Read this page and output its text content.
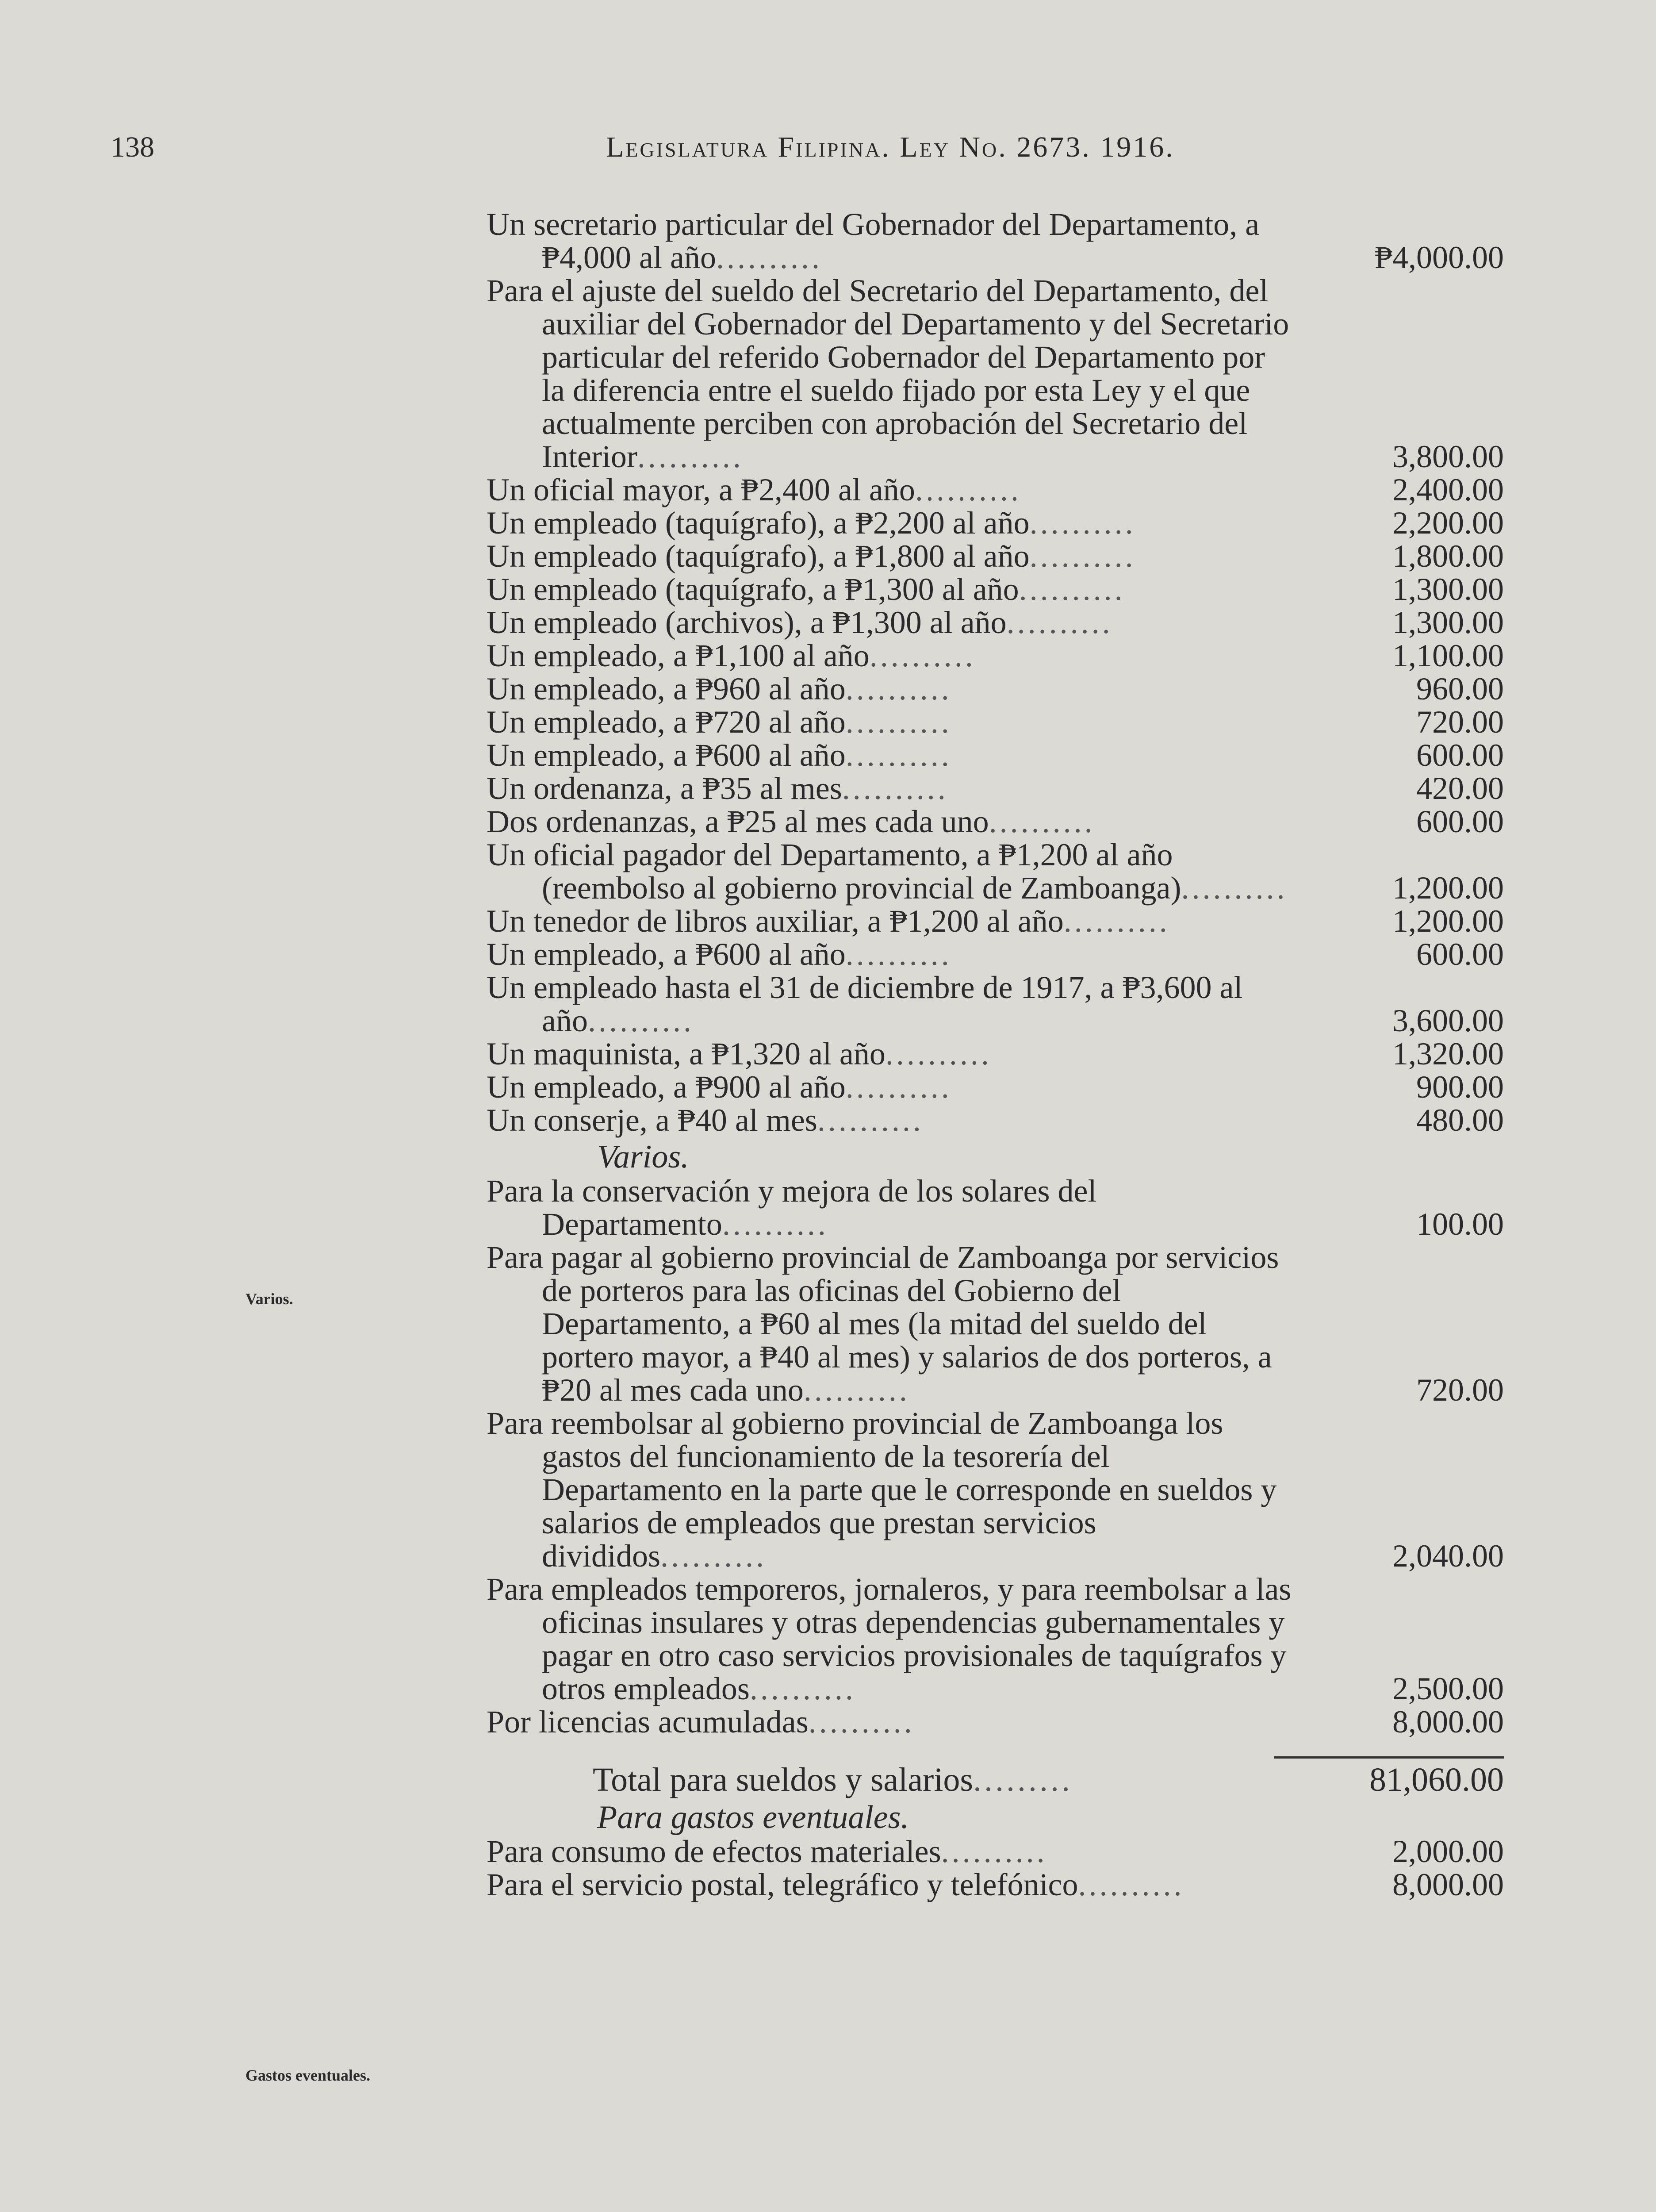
138	Legislatura Filipina. Ley No. 2673. 1916.
Varios.
Gastos eventuales.
Un secretario particular del Gobernador del Departamento, a ₱4,000 al año..........	₱4,000.00
Para el ajuste del sueldo del Secretario del Departamento, del auxiliar del Gobernador del Departamento y del Secretario particular del referido Gobernador del Departamento por la diferencia entre el sueldo fijado por esta Ley y el que actualmente perciben con aprobación del Secretario del Interior..........	3,800.00
Un oficial mayor, a ₱2,400 al año..........	2,400.00
Un empleado (taquígrafo), a ₱2,200 al año..........	2,200.00
Un empleado (taquígrafo), a ₱1,800 al año..........	1,800.00
Un empleado (taquígrafo, a ₱1,300 al año..........	1,300.00
Un empleado (archivos), a ₱1,300 al año..........	1,300.00
Un empleado, a ₱1,100 al año..........	1,100.00
Un empleado, a ₱960 al año..........	960.00
Un empleado, a ₱720 al año..........	720.00
Un empleado, a ₱600 al año..........	600.00
Un ordenanza, a ₱35 al mes..........	420.00
Dos ordenanzas, a ₱25 al mes cada uno..........	600.00
Un oficial pagador del Departamento, a ₱1,200 al año (reembolso al gobierno provincial de Zamboanga)..........	1,200.00
Un tenedor de libros auxiliar, a ₱1,200 al año..........	1,200.00
Un empleado, a ₱600 al año..........	600.00
Un empleado hasta el 31 de diciembre de 1917, a ₱3,600 al año..........	3,600.00
Un maquinista, a ₱1,320 al año..........	1,320.00
Un empleado, a ₱900 al año..........	900.00
Un conserje, a ₱40 al mes..........	480.00
Varios.
Para la conservación y mejora de los solares del Departamento..........	100.00
Para pagar al gobierno provincial de Zamboanga por servicios de porteros para las oficinas del Gobierno del Departamento, a ₱60 al mes (la mitad del sueldo del portero mayor, a ₱40 al mes) y salarios de dos porteros, a ₱20 al mes cada uno..........	720.00
Para reembolsar al gobierno provincial de Zamboanga los gastos del funcionamiento de la tesorería del Departamento en la parte que le corresponde en sueldos y salarios de empleados que prestan servicios divididos..........	2,040.00
Para empleados temporeros, jornaleros, y para reembolsar a las oficinas insulares y otras dependencias gubernamentales y pagar en otro caso servicios provisionales de taquígrafos y otros empleados..........	2,500.00
Por licencias acumuladas..........	8,000.00
Total para sueldos y salarios.........	81,060.00
Para gastos eventuales.
Para consumo de efectos materiales..........	2,000.00
Para el servicio postal, telegráfico y telefónico..........	8,000.00
